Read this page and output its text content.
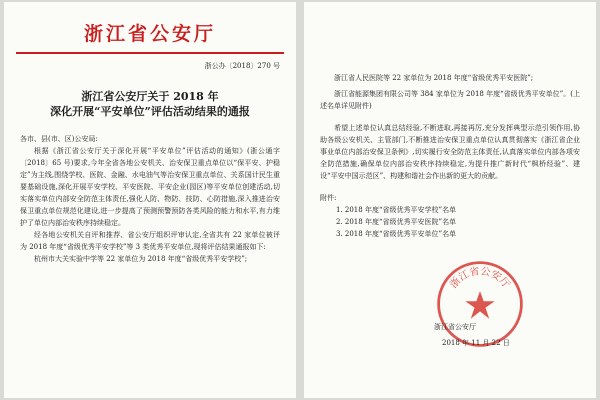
浙江省公安厅
浙公办〔2018〕270 号
浙江省公安厅关于 2018 年
深化开展“平安单位”评估活动结果的通报

各市、县(市、区)公安局:

根据《浙江省公安厅关于深化开展“平安单位”评估活动的通知》(浙公通字〔2018〕65 号)要求,今年全省各地公安机关、治安保卫重点单位以“保平安、护稳定”为主线,围绕学校、医院、金融、水电油气等治安保卫重点单位、关系国计民生重要基础设施,深化开展平安学校、平安医院、平安企业(园区)等平安单位创建活动,切实落实单位内部安全防范主体责任,强化人防、物防、技防、心防措施,深入推进治安保卫重点单位规范化建设,进一步提高了预测预警预防各类风险的能力和水平,有力维护了单位内部治安秩序持续稳定。

经各地公安机关自评和推荐、省公安厅组织评审认定,全省共有 22 家单位被评为 2018 年度“省级优秀平安学校”等 3 类优秀平安单位,现将评估结果通报如下:

杭州市大关实验中学等 22 家单位为 2018 年度“省级优秀平安学校”;

浙江省人民医院等 22 家单位为 2018 年度“省级优秀平安医院”;

浙江省能源集团有限公司等 384 家单位为 2018 年度“省级优秀平安单位”。(上述名单详见附件)

希望上述单位认真总结经验,不断进取,再接再厉,充分发挥典型示范引领作用,协助各级公安机关、主管部门,不断推进治安保卫重点单位认真贯彻落实《浙江省企业事业单位内部治安保卫条例》,切实履行安全防范主体责任,认真落实单位内部各项安全防范措施,确保单位内部治安秩序持续稳定,为提升推广新时代“枫桥经验”、建设“平安中国示范区”、构建和谐社会作出新的更大的贡献。

附件:

1. 2018 年度“省级优秀平安学校”名单

2. 2018 年度“省级优秀平安医院”名单

3. 2018 年度“省级优秀平安单位”名单

浙江省公安厅
浙江省公安厅
2018 年 11 月 22 日
